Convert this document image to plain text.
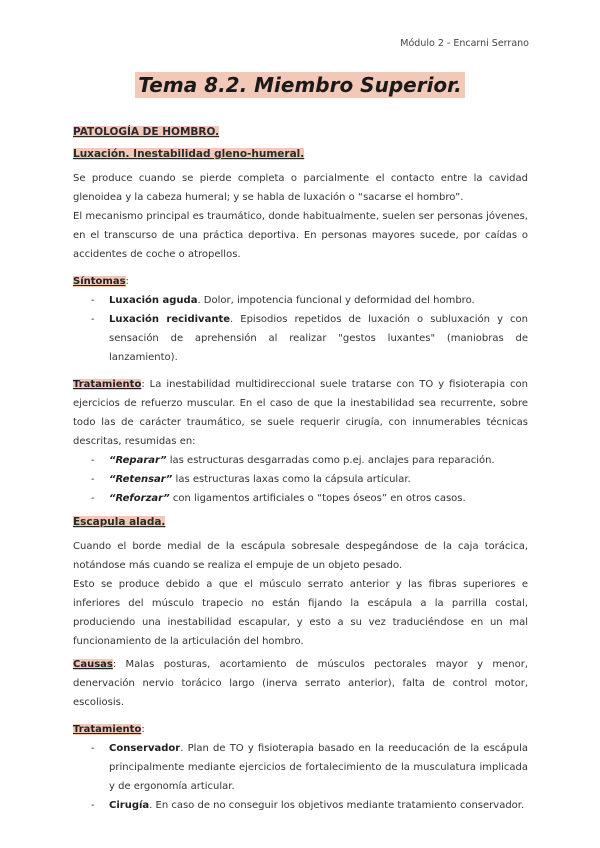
Módulo 2 - Encarni Serrano
Tema 8.2. Miembro Superior.
PATOLOGÍA DE HOMBRO.
Luxación. Inestabilidad gleno-humeral.

Se produce cuando se pierde completa o parcialmente el contacto entre la cavidad glenoidea y la cabeza humeral; y se habla de luxación o “sacarse el hombro”.

El mecanismo principal es traumático, donde habitualmente, suelen ser personas jóvenes, en el transcurso de una práctica deportiva. En personas mayores sucede, por caídas o accidentes de coche o atropellos.

Síntomas:

- Luxación aguda. Dolor, impotencia funcional y deformidad del hombro.
- Luxación recidivante. Episodios repetidos de luxación o subluxación y con sensación de aprehensión al realizar "gestos luxantes" (maniobras de lanzamiento).

Tratamiento: La inestabilidad multidireccional suele tratarse con TO y fisioterapia con ejercicios de refuerzo muscular. En el caso de que la inestabilidad sea recurrente, sobre todo las de carácter traumático, se suele requerir cirugía, con innumerables técnicas descritas, resumidas en:

- “Reparar” las estructuras desgarradas como p.ej. anclajes para reparación.
- “Retensar” las estructuras laxas como la cápsula articular.
- “Reforzar” con ligamentos artificiales o “topes óseos” en otros casos.
Escapula alada.

Cuando el borde medial de la escápula sobresale despegándose de la caja torácica, notándose más cuando se realiza el empuje de un objeto pesado.

Esto se produce debido a que el músculo serrato anterior y las fibras superiores e inferiores del músculo trapecio no están fijando la escápula a la parrilla costal, produciendo una inestabilidad escapular, y esto a su vez traduciéndose en un mal funcionamiento de la articulación del hombro.

Causas: Malas posturas, acortamiento de músculos pectorales mayor y menor, denervación nervio torácico largo (inerva serrato anterior), falta de control motor, escoliosis.

Tratamiento:

- Conservador. Plan de TO y fisioterapia basado en la reeducación de la escápula principalmente mediante ejercicios de fortalecimiento de la musculatura implicada y de ergonomía articular.
- Cirugía. En caso de no conseguir los objetivos mediante tratamiento conservador.
